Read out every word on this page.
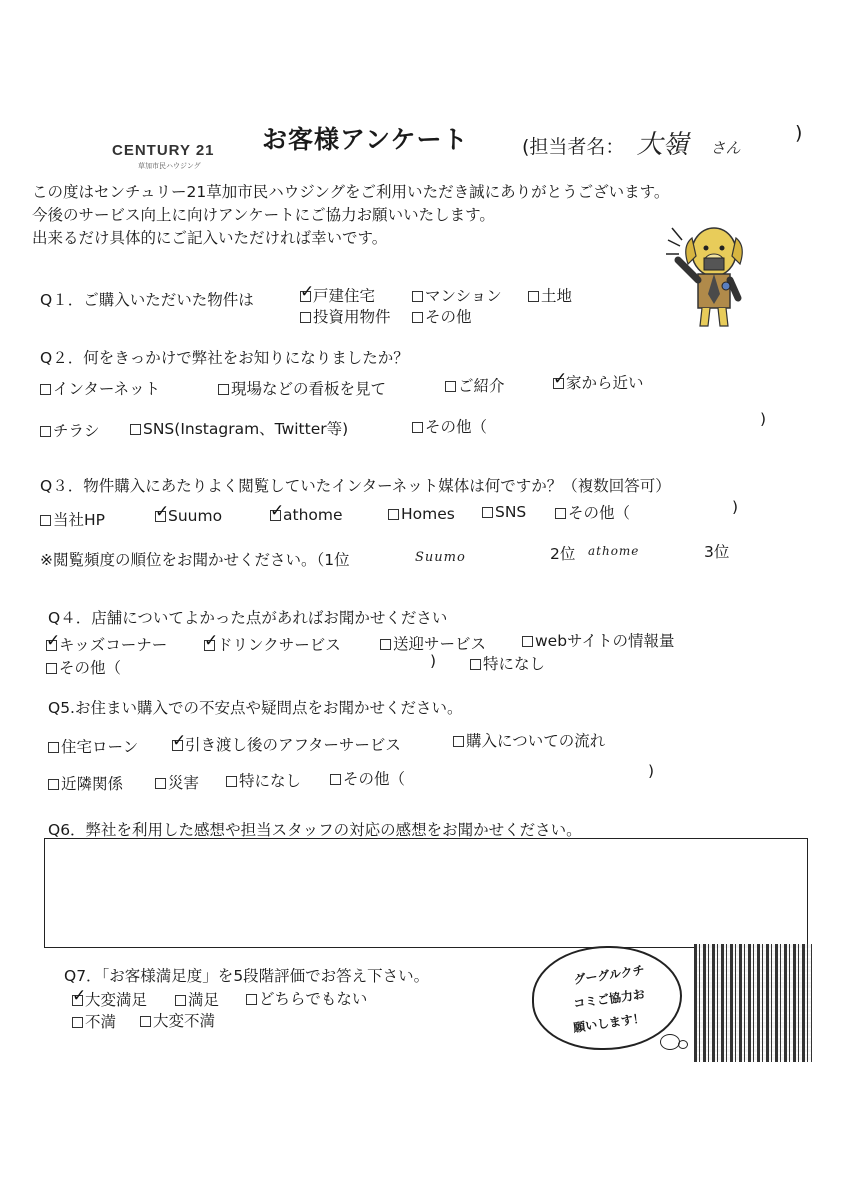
CENTURY 21
草加市民ハウジング
お客様アンケート	(担当者名： 大嶺 さん
)
この度はセンチュリー21草加市民ハウジングをご利用いただき誠にありがとうございます。
今後のサービス向上に向けアンケートにご協力お願いいたします。
出来るだけ具体的にご記入いただければ幸いです。
Q１．ご購入いただいた物件は ✓	戸建住宅	マンション	土地
投資用物件	その他
Q２．何をきっかけで弊社をお知りになりましたか？
インターネット	現場などの看板を見て	ご紹介 ✓	家から近い
チラシ	SNS(Instagram、Twitter等)	その他（	)
Q３．物件購入にあたりよく閲覧していたインターネット媒体は何ですか？（複数回答可）
当社HP ✓	Suumo ✓	athome	Homes	SNS	その他（	)
※閲覧頻度の順位をお聞かせください。（1位	Suumo	2位 athome	3位
Q４．店舗についてよかった点があればお聞かせください
✓キッズコーナー ✓	ドリンクサービス	送迎サービス	webサイトの情報量
その他（	)	特になし
Q5.お住まい購入での不安点や疑問点をお聞かせください。
住宅ローン ✓	引き渡し後のアフターサービス	購入についての流れ
近隣関係	災害	特になし	その他（	)
Q6．弊社を利用した感想や担当スタッフの対応の感想をお聞かせください。
Q7．「お客様満足度」を5段階評価でお答え下さい。
✓大変満足	満足	どちらでもない
不満	大変不満
グーグルクチ
コミご協力お
願いします！
